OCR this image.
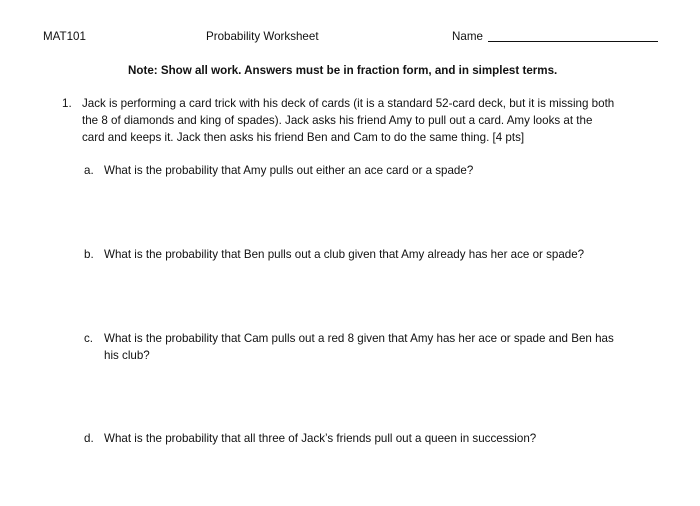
MAT101	Probability Worksheet	Name
Note: Show all work. Answers must be in fraction form, and in simplest terms.
1. Jack is performing a card trick with his deck of cards (it is a standard 52-card deck, but it is missing both
the 8 of diamonds and king of spades). Jack asks his friend Amy to pull out a card. Amy looks at the
card and keeps it. Jack then asks his friend Ben and Cam to do the same thing. [4 pts]
a. What is the probability that Amy pulls out either an ace card or a spade?
b. What is the probability that Ben pulls out a club given that Amy already has her ace or spade?
c. What is the probability that Cam pulls out a red 8 given that Amy has her ace or spade and Ben has
his club?
d. What is the probability that all three of Jack’s friends pull out a queen in succession?
